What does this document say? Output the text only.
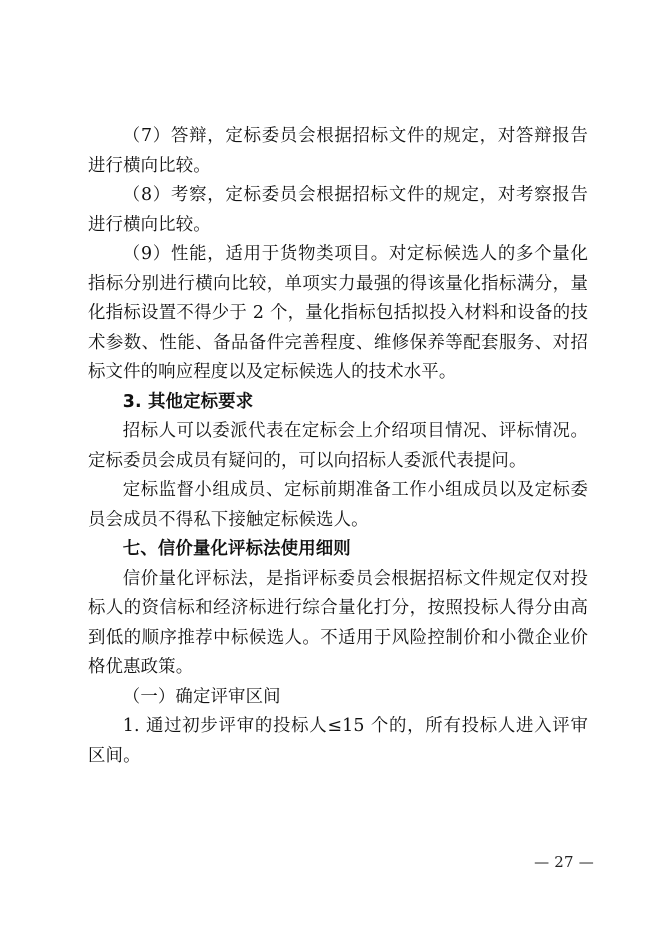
（7）答辩，定标委员会根据招标文件的规定，对答辩报告进行横向比较。

（8）考察，定标委员会根据招标文件的规定，对考察报告进行横向比较。

（9）性能，适用于货物类项目。对定标候选人的多个量化指标分别进行横向比较，单项实力最强的得该量化指标满分，量化指标设置不得少于 2 个，量化指标包括拟投入材料和设备的技术参数、性能、备品备件完善程度、维修保养等配套服务、对招标文件的响应程度以及定标候选人的技术水平。

3. 其他定标要求

招标人可以委派代表在定标会上介绍项目情况、评标情况。定标委员会成员有疑问的，可以向招标人委派代表提问。

定标监督小组成员、定标前期准备工作小组成员以及定标委员会成员不得私下接触定标候选人。

七、信价量化评标法使用细则

信价量化评标法，是指评标委员会根据招标文件规定仅对投标人的资信标和经济标进行综合量化打分，按照投标人得分由高到低的顺序推荐中标候选人。不适用于风险控制价和小微企业价格优惠政策。

（一）确定评审区间

1. 通过初步评审的投标人≤15 个的，所有投标人进入评审区间。

— 27 —
